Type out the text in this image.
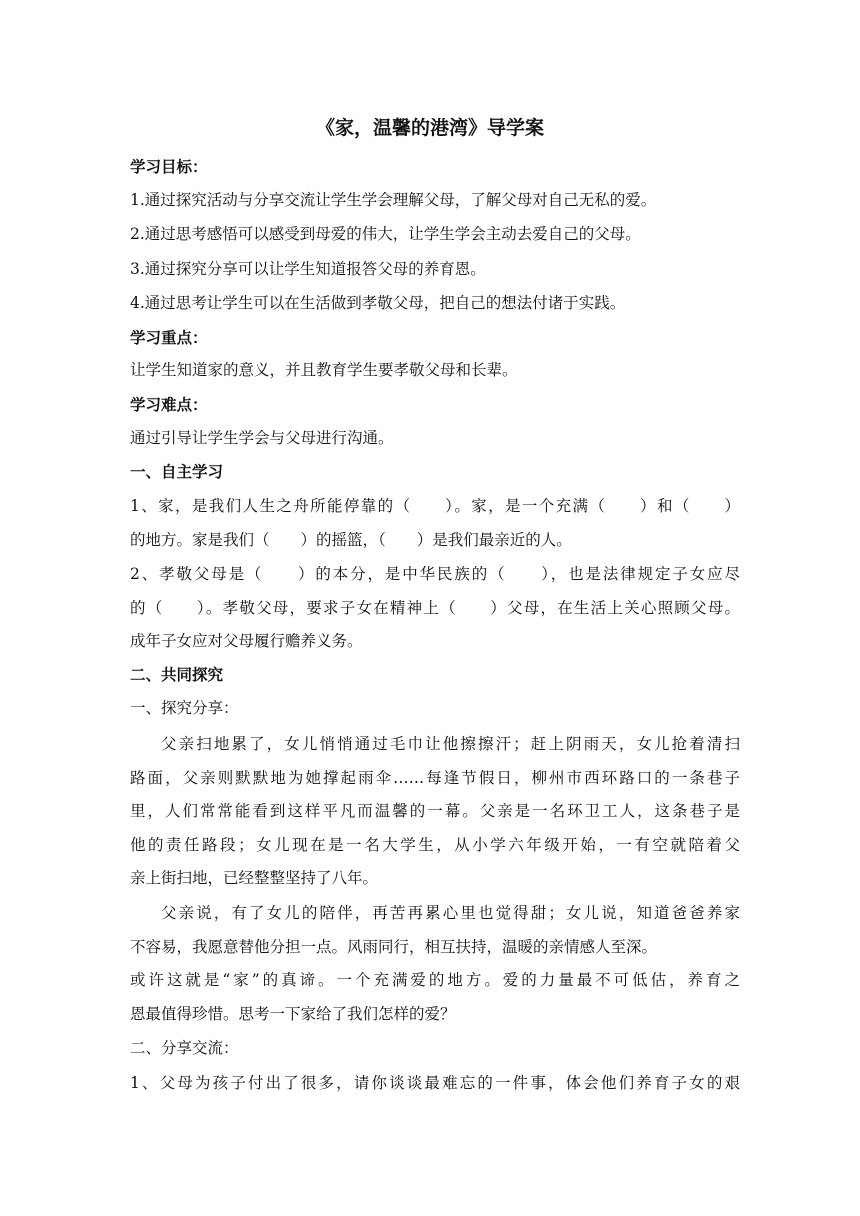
《家，温馨的港湾》导学案
学习目标：
1.通过探究活动与分享交流让学生学会理解父母，了解父母对自己无私的爱。
2.通过思考感悟可以感受到母爱的伟大，让学生学会主动去爱自己的父母。
3.通过探究分享可以让学生知道报答父母的养育恩。
4.通过思考让学生可以在生活做到孝敬父母，把自己的想法付诸于实践。
学习重点：
让学生知道家的意义，并且教育学生要孝敬父母和长辈。
学习难点：
通过引导让学生学会与父母进行沟通。
一、自主学习
1、家，是我们人生之舟所能停靠的（　　）。家，是一个充满（　　）和（　　）
的地方。家是我们（　　）的摇篮，（　　）是我们最亲近的人。
2、孝敬父母是（　　）的本分，是中华民族的（　　），也是法律规定子女应尽
的（　　）。孝敬父母，要求子女在精神上（　　）父母，在生活上关心照顾父母。
成年子女应对父母履行赡养义务。
二、共同探究
一、探究分享：
父亲扫地累了，女儿悄悄通过毛巾让他擦擦汗；赶上阴雨天，女儿抢着清扫
路面，父亲则默默地为她撑起雨伞……每逢节假日，柳州市西环路口的一条巷子
里，人们常常能看到这样平凡而温馨的一幕。父亲是一名环卫工人，这条巷子是
他的责任路段；女儿现在是一名大学生，从小学六年级开始，一有空就陪着父
亲上街扫地，已经整整坚持了八年。
父亲说，有了女儿的陪伴，再苦再累心里也觉得甜；女儿说，知道爸爸养家
不容易，我愿意替他分担一点。风雨同行，相互扶持，温暖的亲情感人至深。
或许这就是“家”的真谛。一个充满爱的地方。爱的力量最不可低估，养育之
恩最值得珍惜。思考一下家给了我们怎样的爱？
二、分享交流：
1、父母为孩子付出了很多，请你谈谈最难忘的一件事，体会他们养育子女的艰
